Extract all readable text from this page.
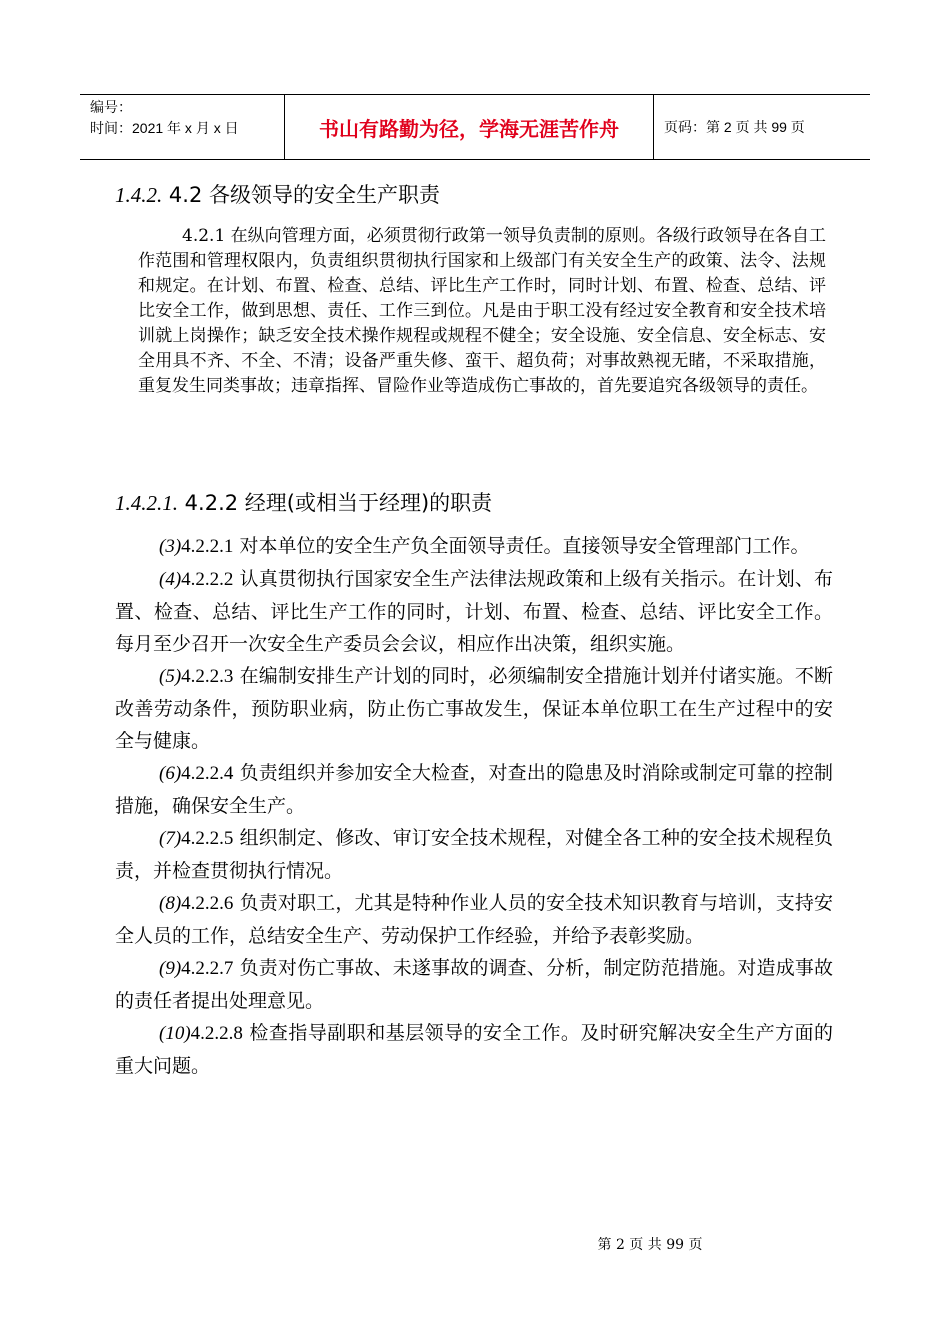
编号：
时间：2021 年 x 月 x 日	书山有路勤为径，学海无涯苦作舟	页码：第 2 页 共 99 页
1.4.2. 4.2 各级领导的安全生产职责

4.2.1 在纵向管理方面，必须贯彻行政第一领导负责制的原则。各级行政领导在各自工作范围和管理权限内，负责组织贯彻执行国家和上级部门有关安全生产的政策、法令、法规和规定。在计划、布置、检查、总结、评比生产工作时，同时计划、布置、检查、总结、评比安全工作，做到思想、责任、工作三到位。凡是由于职工没有经过安全教育和安全技术培训就上岗操作；缺乏安全技术操作规程或规程不健全；安全设施、安全信息、安全标志、安全用具不齐、不全、不清；设备严重失修、蛮干、超负荷；对事故熟视无睹，不采取措施，重复发生同类事故；违章指挥、冒险作业等造成伤亡事故的，首先要追究各级领导的责任。

1.4.2.1. 4.2.2 经理(或相当于经理)的职责

(3)4.2.2.1 对本单位的安全生产负全面领导责任。直接领导安全管理部门工作。

(4)4.2.2.2 认真贯彻执行国家安全生产法律法规政策和上级有关指示。在计划、布置、检查、总结、评比生产工作的同时，计划、布置、检查、总结、评比安全工作。每月至少召开一次安全生产委员会会议，相应作出决策，组织实施。

(5)4.2.2.3 在编制安排生产计划的同时，必须编制安全措施计划并付诸实施。不断改善劳动条件，预防职业病，防止伤亡事故发生，保证本单位职工在生产过程中的安全与健康。

(6)4.2.2.4 负责组织并参加安全大检查，对查出的隐患及时消除或制定可靠的控制措施，确保安全生产。

(7)4.2.2.5 组织制定、修改、审订安全技术规程，对健全各工种的安全技术规程负责，并检查贯彻执行情况。

(8)4.2.2.6 负责对职工，尤其是特种作业人员的安全技术知识教育与培训，支持安全人员的工作，总结安全生产、劳动保护工作经验，并给予表彰奖励。

(9)4.2.2.7 负责对伤亡事故、未遂事故的调查、分析，制定防范措施。对造成事故的责任者提出处理意见。

(10)4.2.2.8 检查指导副职和基层领导的安全工作。及时研究解决安全生产方面的重大问题。

第 2 页 共 99 页
